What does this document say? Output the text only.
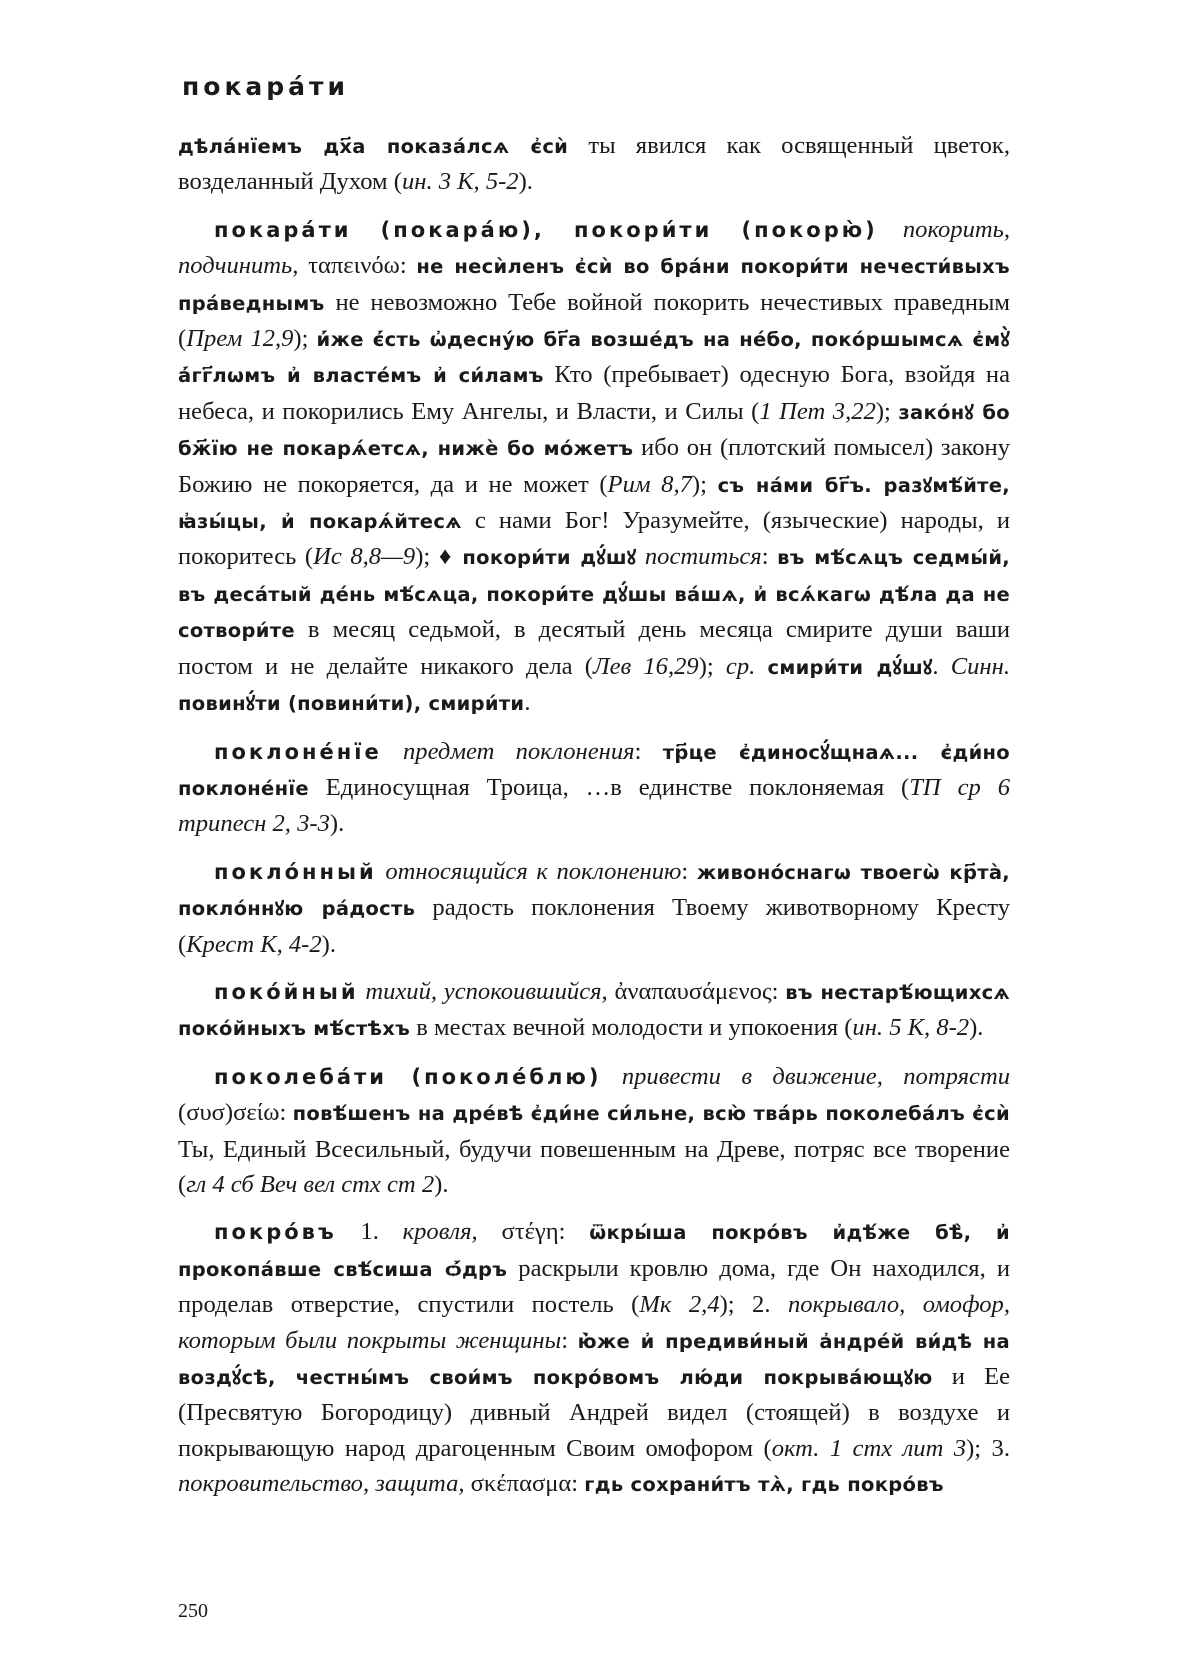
покара́ти

дѣла́нїемъ дх҃а показа́лсѧ є҆сѝ ты явился как освященный цветок, возделанный Духом (ин. 3 К, 5-2).

покара́ти (покара́ю), покори́ти (покорю̀) покорить, подчинить, ταπεινόω: не несѝленъ є҆сѝ во бра́ни покори́ти нечести́выхъ пра́веднымъ не невозможно Тебе войной покорить нечестивых праведным (Прем 12,9); и҆́же є҆́сть ѡ҆десну́ю бг҃а возше́дъ на не́бо, поко́ршымсѧ є҆мꙋ̀ а҆́гг҃лѡмъ и҆ власте́мъ и҆ си́ламъ Кто (пребывает) одесную Бога, взойдя на небеса, и покорились Ему Ангелы, и Власти, и Силы (1 Пет 3,22); зако́нꙋ бо бж҃їю не покарѧ́етсѧ, нижѐ бо мо́жетъ ибо он (плотский помысел) закону Божию не покоряется, да и не может (Рим 8,7); съ на́ми бг҃ъ. разꙋмѣ́йте, ꙗ҆зы́цы, и҆ покарѧ́йтесѧ с нами Бог! Уразумейте, (языческие) народы, и покоритесь (Ис 8,8—9); ♦ покори́ти дꙋ́шꙋ поститься: въ мѣ́сѧцъ седмы́й, въ деса́тый де́нь мѣ́сѧца, покори́те дꙋ́шы ва́шѧ, и҆ всѧ́кагѡ дѣ́ла да не сотвори́те в месяц седьмой, в десятый день месяца смирите души ваши постом и не делайте никакого дела (Лев 16,29); ср. смири́ти дꙋ́шꙋ. Синн. повинꙋ́ти (повини́ти), смири́ти.

поклоне́нїе предмет поклонения: тр҃це є҆диносꙋ́щнаѧ... є҆ди́но поклоне́нїе Единосущная Троица, …в единстве поклоняемая (ТП ср 6 трипесн 2, 3-3).

покло́нный относящийся к поклонению: живоно́снагѡ твоегѡ̀ кр҃тà, покло́ннꙋю ра́дость радость поклонения Твоему животворному Кресту (Крест К, 4-2).

поко́йный тихий, успокоившийся, ἀναπαυσάμενος: въ нестарѣ́ющихсѧ поко́йныхъ мѣ́стѣхъ в местах вечной молодости и упокоения (ин. 5 К, 8-2).

поколеба́ти (поколе́блю) привести в движение, потрясти (συσ)σείω: повѣ́шенъ на дре́вѣ є҆ди́не си́льне, всю̀ тва́рь поколеба́лъ є҆сѝ Ты, Единый Всесильный, будучи повешенным на Древе, потряс все творение (гл 4 сб Веч вел стх ст 2).

покро́въ 1. кровля, στέγη: ѿкры́ша покро́въ и҆дѣ́же бѣ̀, и҆ прокопа́вше свѣ́сиша ѻ҆́дръ раскрыли кровлю дома, где Он находился, и проделав отверстие, спустили постель (Мк 2,4); 2. покрывало, омофор, которым были покрыты женщины: ю҆̀же и҆ предиви́ный а҆ндре́й ви́дѣ на воздꙋ́сѣ, честны́мъ свои́мъ покро́вомъ лю́ди покрыва́ющꙋю и Ее (Пресвятую Богородицу) дивный Андрей видел (стоящей) в воздухе и покрывающую народ драгоценным Своим омофором (окт. 1 стх лит 3); 3. покровительство, защита, σκέπασμα: гдь сохрани́тъ тѧ̀, гдь покро́въ

250
